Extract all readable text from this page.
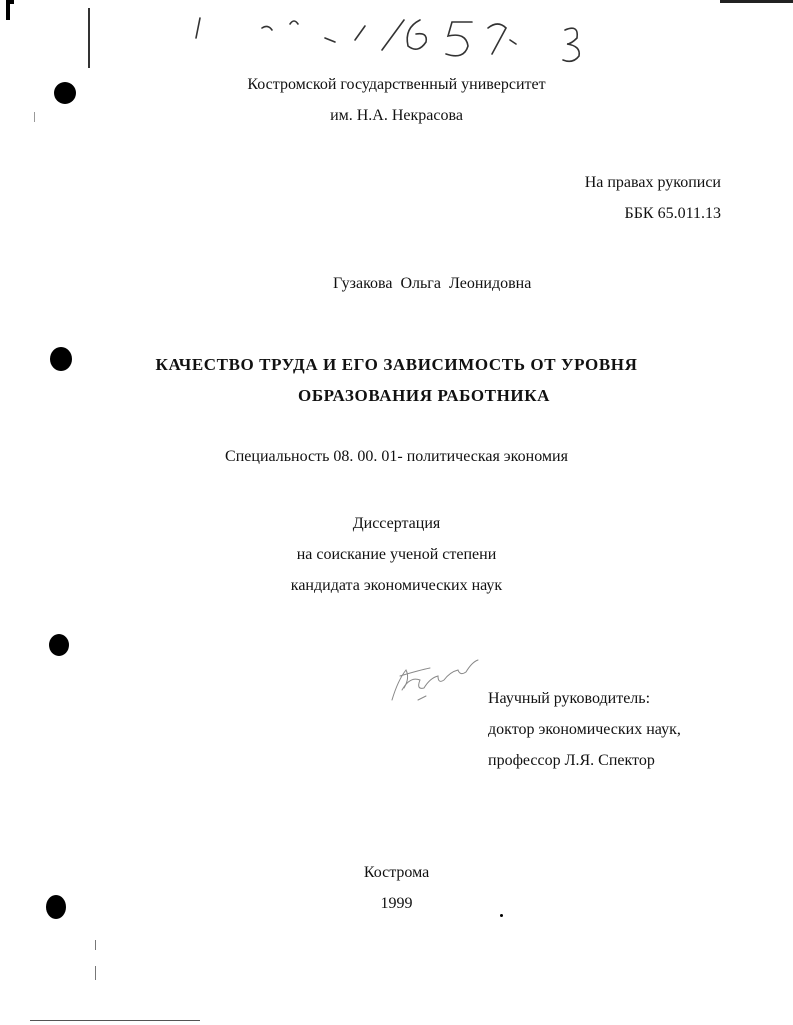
Костромской государственный университет
им. Н.А. Некрасова
На правах рукописи
ББК 65.011.13
Гузакова  Ольга  Леонидовна
КАЧЕСТВО ТРУДА И ЕГО ЗАВИСИМОСТЬ ОТ УРОВНЯ
ОБРАЗОВАНИЯ РАБОТНИКА
Специальность 08. 00. 01- политическая экономия
Диссертация
на соискание ученой степени
кандидата экономических наук
Научный руководитель:
доктор экономических наук,
профессор Л.Я. Спектор
Кострома
1999
